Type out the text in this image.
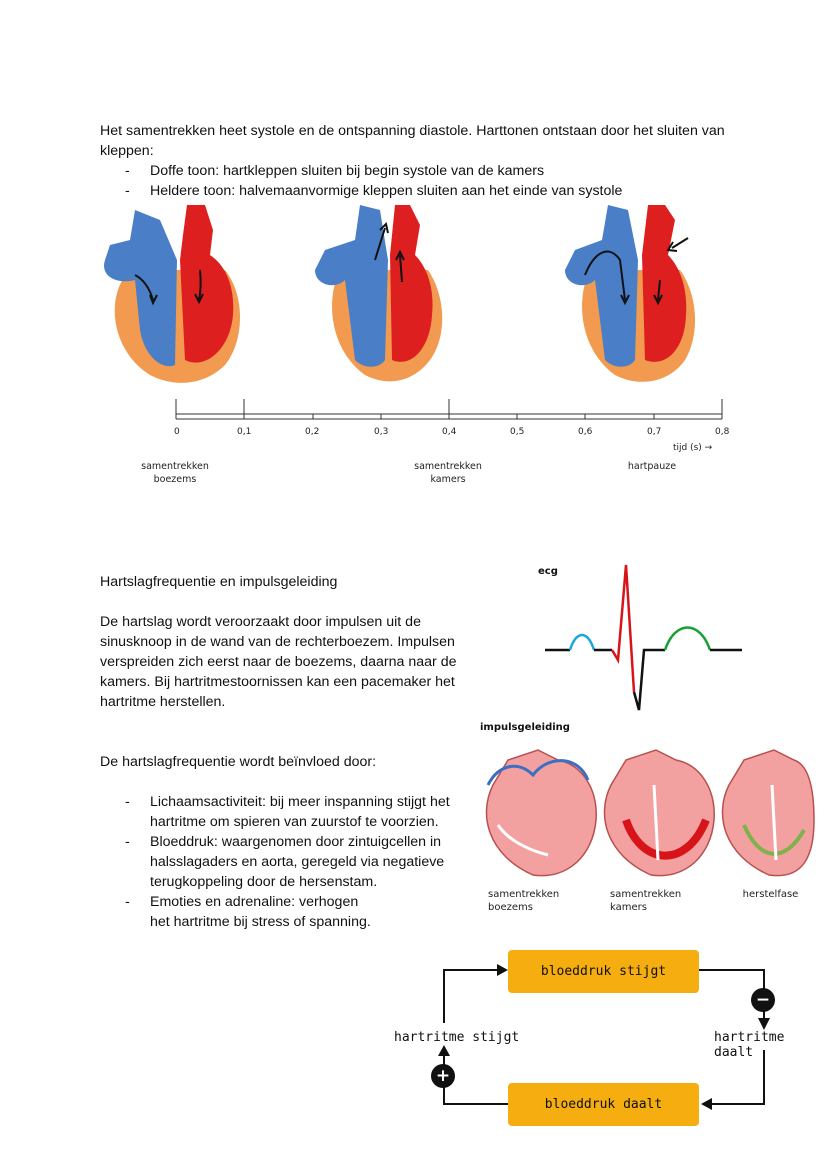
Het samentrekken heet systole en de ontspanning diastole. Harttonen ontstaan door het sluiten van kleppen:
- Doffe toon: hartkleppen sluiten bij begin systole van de kamers
- Heldere toon: halvemaanvormige kleppen sluiten aan het einde van systole
0	0,1	0,2	0,3	0,4	0,5	0,6	0,7	0,8
tijd (s) →
samentrekken
boezems
samentrekken
kamers
hartpauze
Hartslagfrequentie en impulsgeleiding
De hartslag wordt veroorzaakt door impulsen uit de sinusknoop in de wand van de rechterboezem. Impulsen verspreiden zich eerst naar de boezems, daarna naar de kamers. Bij hartritmestoornissen kan een pacemaker het hartritme herstellen.
De hartslagfrequentie wordt beïnvloed door:
- Lichaamsactiviteit: bij meer inspanning stijgt het hartritme om spieren van zuurstof te voorzien.
- Bloeddruk: waargenomen door zintuigcellen in halsslagaders en aorta, geregeld via negatieve terugkoppeling door de hersenstam.
- Emoties en adrenaline: verhogen het hartritme bij stress of spanning.
ecg
impulsgeleiding
samentrekken
boezems
samentrekken
kamers
herstelfase
bloeddruk stijgt
bloeddruk daalt
hartritme stijgt	hartritme daalt
−
+
